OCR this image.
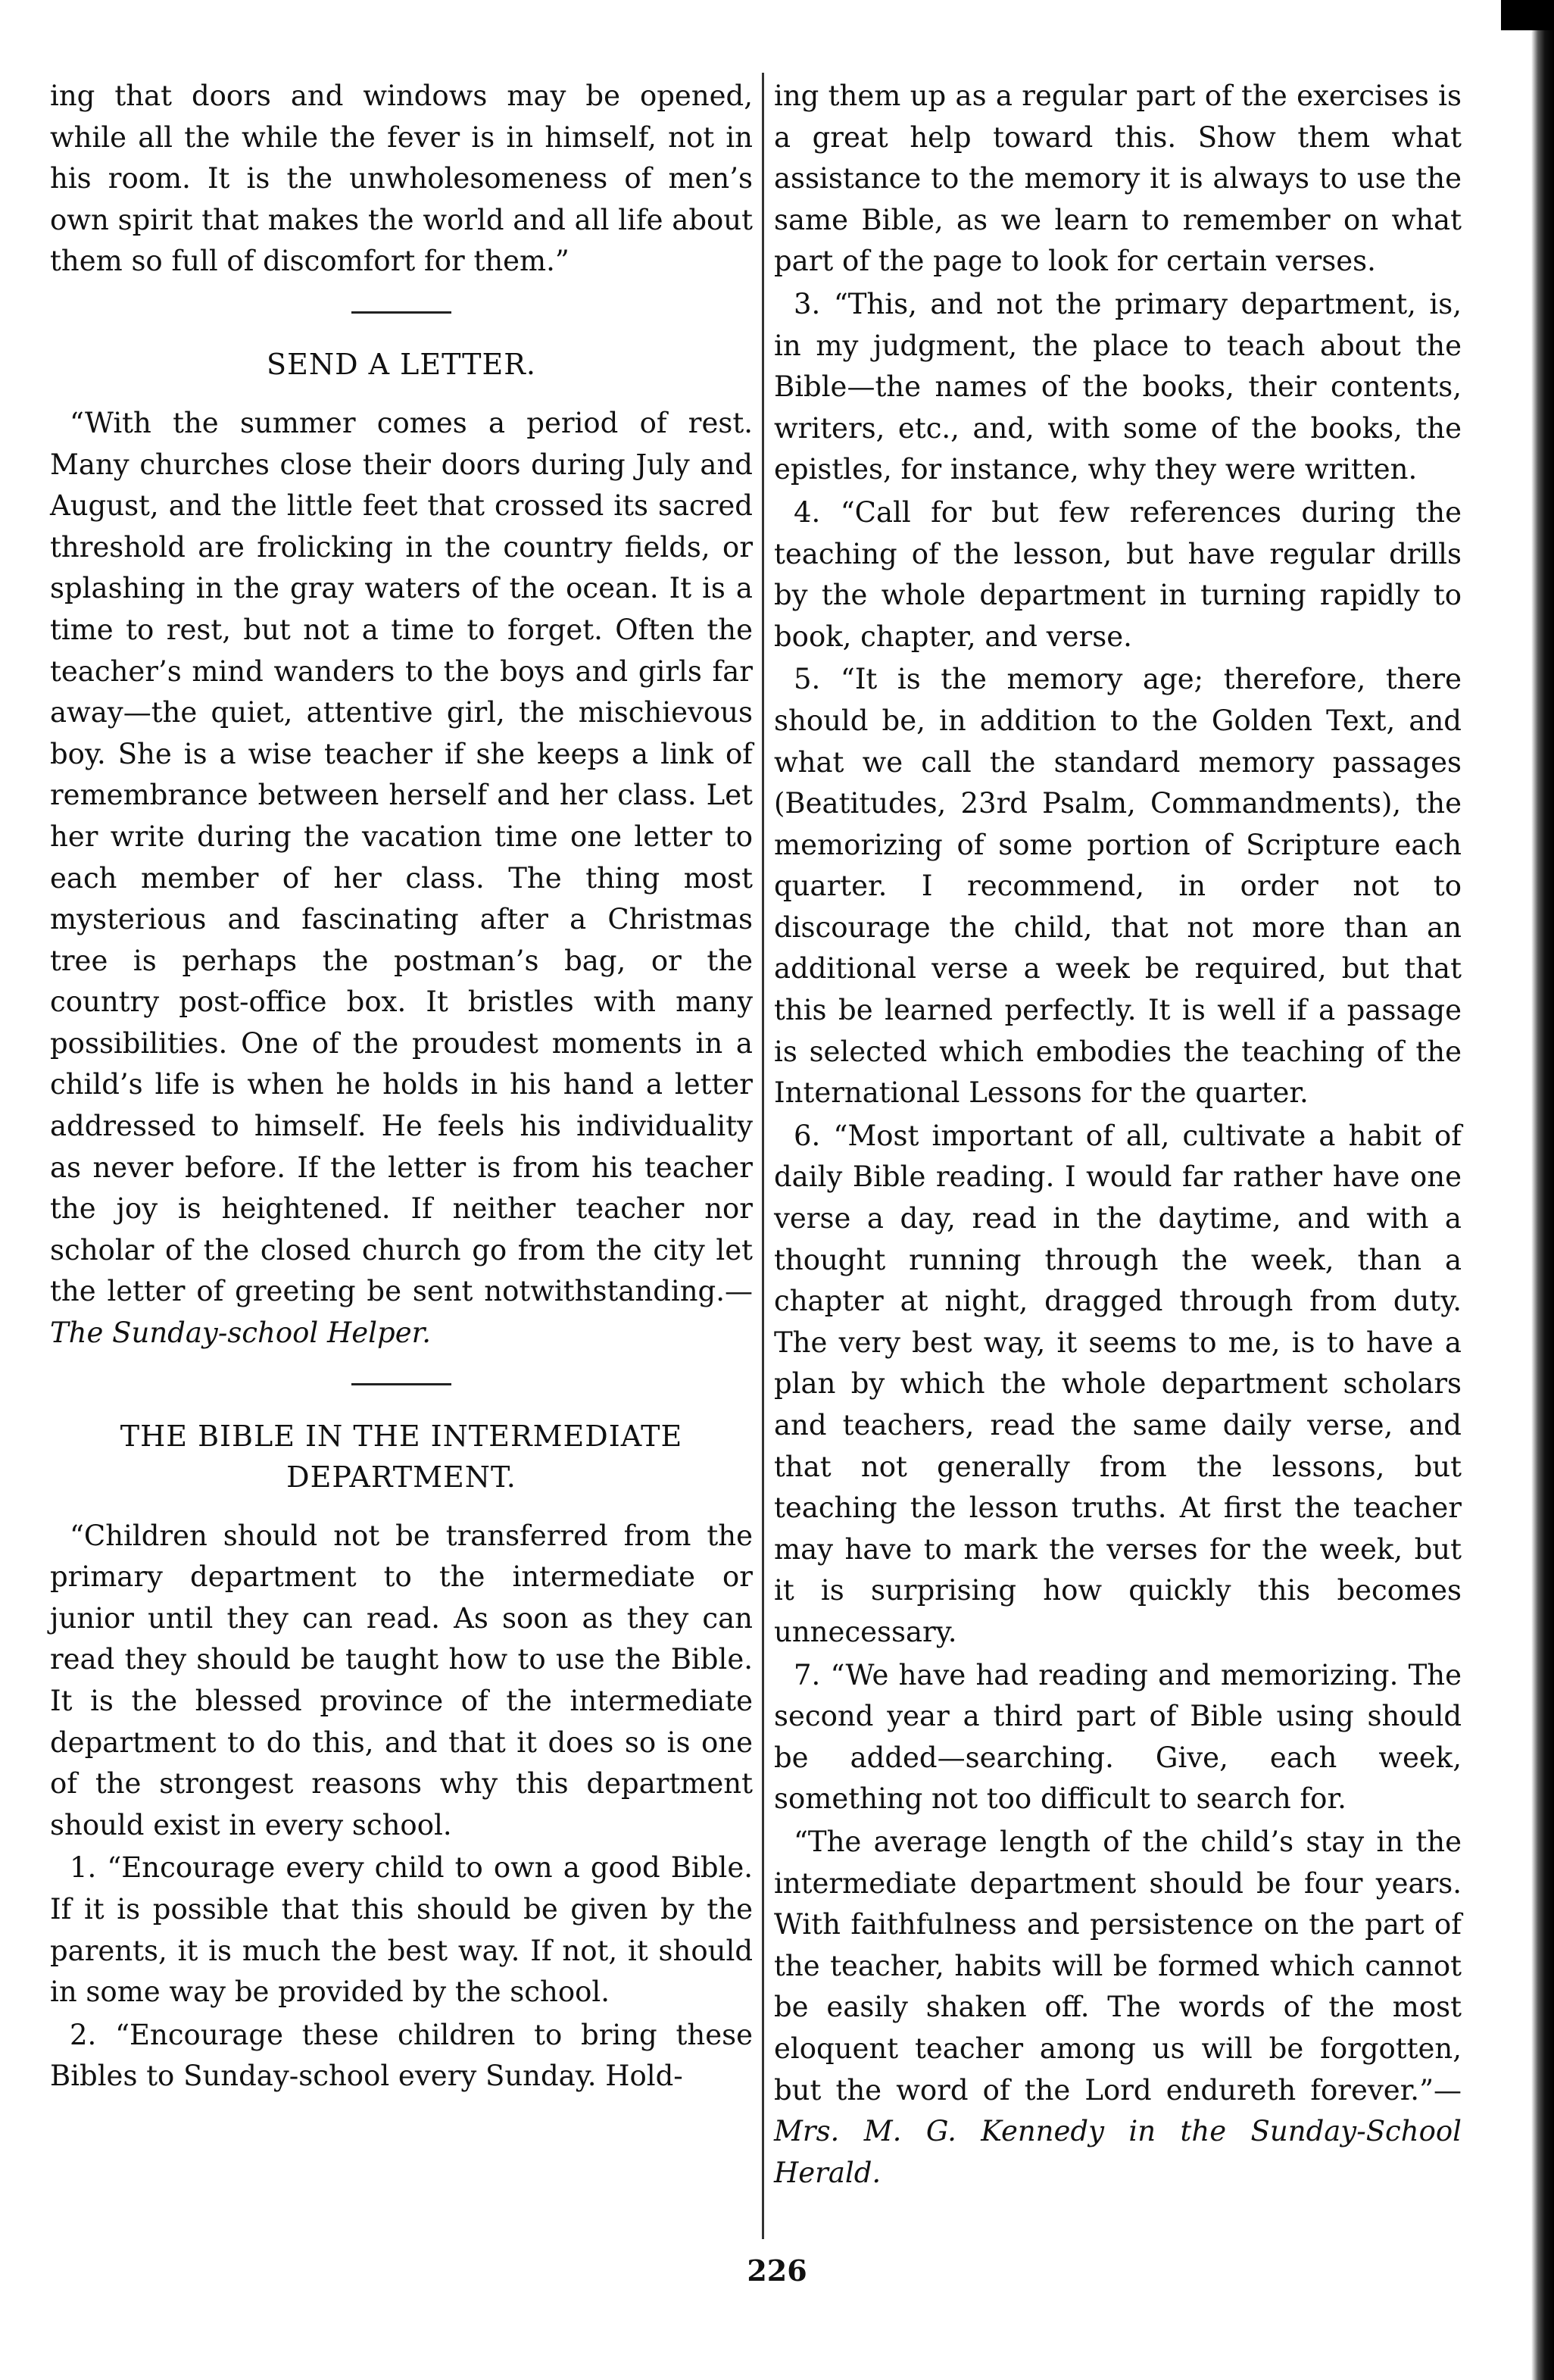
ing that doors and windows may be opened, while all the while the fever is in himself, not in his room. It is the unwholesomeness of men’s own spirit that makes the world and all life about them so full of discomfort for them.”

SEND A LETTER.

“With the summer comes a period of rest. Many churches close their doors during July and August, and the little feet that crossed its sacred threshold are frolicking in the country fields, or splashing in the gray waters of the ocean. It is a time to rest, but not a time to forget. Often the teacher’s mind wanders to the boys and girls far away—the quiet, attentive girl, the mischievous boy. She is a wise teacher if she keeps a link of remembrance between herself and her class. Let her write during the vacation time one letter to each member of her class. The thing most mysterious and fascinating after a Christmas tree is perhaps the postman’s bag, or the country post-office box. It bristles with many possibilities. One of the proudest moments in a child’s life is when he holds in his hand a letter addressed to himself. He feels his individuality as never before. If the letter is from his teacher the joy is heightened. If neither teacher nor scholar of the closed church go from the city let the letter of greeting be sent notwithstanding.—The Sunday-school Helper.

THE BIBLE IN THE INTERMEDIATE
DEPARTMENT.

“Children should not be transferred from the primary department to the intermediate or junior until they can read. As soon as they can read they should be taught how to use the Bible. It is the blessed province of the intermediate department to do this, and that it does so is one of the strongest reasons why this department should exist in every school.

1. “Encourage every child to own a good Bible. If it is possible that this should be given by the parents, it is much the best way. If not, it should in some way be provided by the school.

2. “Encourage these children to bring these Bibles to Sunday-school every Sunday. Hold-

ing them up as a regular part of the exercises is a great help toward this. Show them what assistance to the memory it is always to use the same Bible, as we learn to remember on what part of the page to look for certain verses.

3. “This, and not the primary department, is, in my judgment, the place to teach about the Bible—the names of the books, their contents, writers, etc., and, with some of the books, the epistles, for instance, why they were written.

4. “Call for but few references during the teaching of the lesson, but have regular drills by the whole department in turning rapidly to book, chapter, and verse.

5. “It is the memory age; therefore, there should be, in addition to the Golden Text, and what we call the standard memory passages (Beatitudes, 23rd Psalm, Commandments), the memorizing of some portion of Scripture each quarter. I recommend, in order not to discourage the child, that not more than an additional verse a week be required, but that this be learned perfectly. It is well if a passage is selected which embodies the teaching of the International Lessons for the quarter.

6. “Most important of all, cultivate a habit of daily Bible reading. I would far rather have one verse a day, read in the daytime, and with a thought running through the week, than a chapter at night, dragged through from duty. The very best way, it seems to me, is to have a plan by which the whole department scholars and teachers, read the same daily verse, and that not generally from the lessons, but teaching the lesson truths. At first the teacher may have to mark the verses for the week, but it is surprising how quickly this becomes unnecessary.

7. “We have had reading and memorizing. The second year a third part of Bible using should be added—searching. Give, each week, something not too difficult to search for.

“The average length of the child’s stay in the intermediate department should be four years. With faithfulness and persistence on the part of the teacher, habits will be formed which cannot be easily shaken off. The words of the most eloquent teacher among us will be forgotten, but the word of the Lord endureth forever.”—Mrs. M. G. Kennedy in the Sunday-School Herald.

226
